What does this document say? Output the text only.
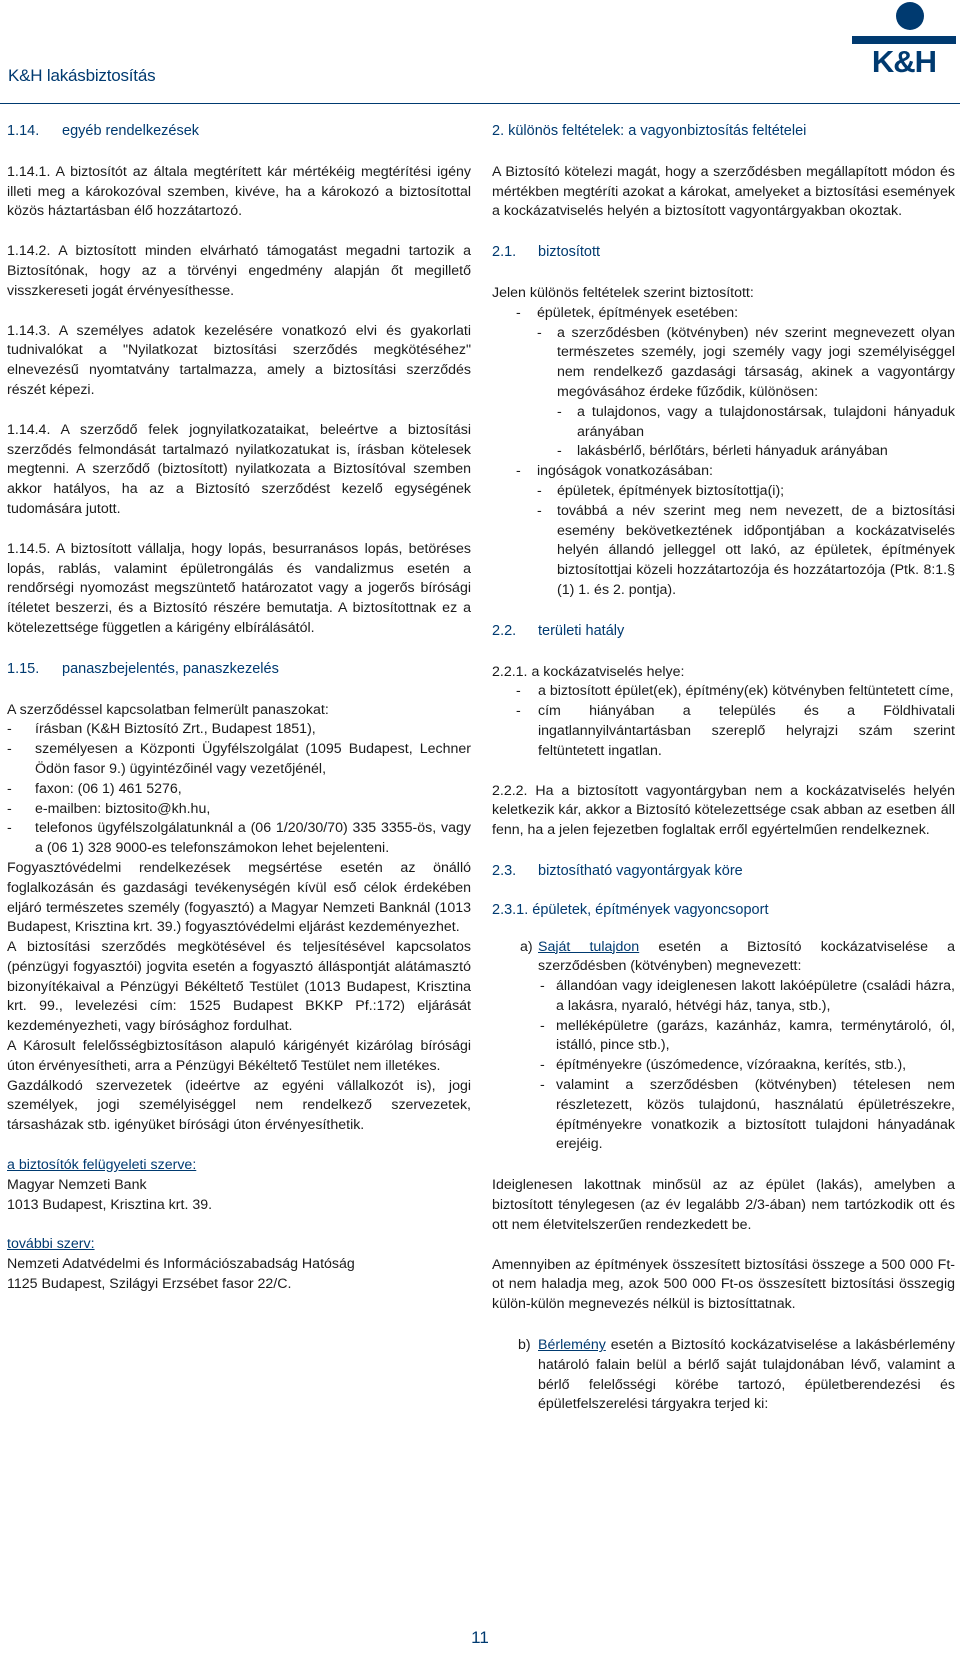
K&H lakásbiztosítás	K&H

1.14. egyéb rendelkezések

1.14.1. A biztosítót az általa megtérített kár mértékéig megtérítési igény illeti meg a károkozóval szemben, kivéve, ha a károkozó a biztosítottal közös háztartásban élő hozzátartozó.

1.14.2. A biztosított minden elvárható támogatást megadni tartozik a Biztosítónak, hogy az a törvényi engedmény alapján őt megillető visszkereseti jogát érvényesíthesse.

1.14.3. A személyes adatok kezelésére vonatkozó elvi és gyakorlati tudnivalókat a "Nyilatkozat biztosítási szerződés megkötéséhez" elnevezésű nyomtatvány tartalmazza, amely a biztosítási szerződés részét képezi.

1.14.4. A szerződő felek jognyilatkozataikat, beleértve a biztosítási szerződés felmondását tartalmazó nyilatkozatukat is, írásban kötelesek megtenni. A szerződő (biztosított) nyilatkozata a Biztosítóval szemben akkor hatályos, ha az a Biztosító szerződést kezelő egységének tudomására jutott.

1.14.5. A biztosított vállalja, hogy lopás, besurranásos lopás, betöréses lopás, rablás, valamint épületrongálás és vandalizmus esetén a rendőrségi nyomozást megszüntető határozatot vagy a jogerős bírósági ítéletet beszerzi, és a Biztosító részére bemutatja. A biztosítottnak ez a kötelezettsége független a kárigény elbírálásától.

1.15. panaszbejelentés, panaszkezelés

A szerződéssel kapcsolatban felmerült panaszokat:

-	írásban (K&H Biztosító Zrt., Budapest 1851),
-	személyesen a Központi Ügyfélszolgálat (1095 Budapest, Lechner Ödön fasor 9.) ügyintézőinél vagy vezetőjénél,
-	faxon: (06 1) 461 5276,
-	e-mailben: biztosito@kh.hu,
-	telefonos ügyfélszolgálatunknál a (06 1/20/30/70) 335 3355-ös, vagy a (06 1) 328 9000-es telefonszámokon lehet bejelenteni.

Fogyasztóvédelmi rendelkezések megsértése esetén az önálló foglalkozásán és gazdasági tevékenységén kívül eső célok érdekében eljáró természetes személy (fogyasztó) a Magyar Nemzeti Banknál (1013 Budapest, Krisztina krt. 39.) fogyasztóvédelmi eljárást kezdeményezhet.

A biztosítási szerződés megkötésével és teljesítésével kapcsolatos (pénzügyi fogyasztói) jogvita esetén a fogyasztó álláspontját alátámasztó bizonyítékaival a Pénzügyi Békéltető Testület (1013 Budapest, Krisztina krt. 99., levelezési cím: 1525 Budapest BKKP Pf.:172) eljárását kezdeményezheti, vagy bírósághoz fordulhat.

A Károsult felelősségbiztosításon alapuló kárigényét kizárólag bírósági úton érvényesítheti, arra a Pénzügyi Békéltető Testület nem illetékes.

Gazdálkodó szervezetek (ideértve az egyéni vállalkozót is), jogi személyek, jogi személyiséggel nem rendelkező szervezetek, társasházak stb. igényüket bírósági úton érvényesíthetik.

a biztosítók felügyeleti szerve:

Magyar Nemzeti Bank

1013 Budapest, Krisztina krt. 39.

további szerv:

Nemzeti Adatvédelmi és Információszabadság Hatóság

1125 Budapest, Szilágyi Erzsébet fasor 22/C.

2. különös feltételek: a vagyonbiztosítás feltételei

A Biztosító kötelezi magát, hogy a szerződésben megállapított módon és mértékben megtéríti azokat a károkat, amelyeket a biztosítási események a kockázatviselés helyén a biztosított vagyontárgyakban okoztak.

2.1. biztosított

Jelen különös feltételek szerint biztosított:

-	épületek, építmények esetében:
-	a szerződésben (kötvényben) név szerint megnevezett olyan természetes személy, jogi személy vagy jogi személyiséggel nem rendelkező gazdasági társaság, akinek a vagyontárgy megóvásához érdeke fűződik, különösen:
-	a tulajdonos, vagy a tulajdonostársak, tulajdoni hányaduk arányában
-	lakásbérlő, bérlőtárs, bérleti hányaduk arányában
-	ingóságok vonatkozásában:
-	épületek, építmények biztosítottja(i);
-	továbbá a név szerint meg nem nevezett, de a biztosítási esemény bekövetkeztének időpontjában a kockázatviselés helyén állandó jelleggel ott lakó, az épületek, építmények biztosítottjai közeli hozzátartozója és hozzátartozója (Ptk. 8:1.§ (1) 1. és 2. pontja).

2.2. területi hatály

2.2.1. a kockázatviselés helye:

-	a biztosított épület(ek), építmény(ek) kötvényben feltüntetett címe,
-	cím hiányában a település és a Földhivatali ingatlannyilvántartásban szereplő helyrajzi szám szerint feltüntetett ingatlan.

2.2.2. Ha a biztosított vagyontárgyban nem a kockázatviselés helyén keletkezik kár, akkor a Biztosító kötelezettsége csak abban az esetben áll fenn, ha a jelen fejezetben foglaltak erről egyértelműen rendelkeznek.

2.3. biztosítható vagyontárgyak köre

2.3.1. épületek, építmények vagyoncsoport

a) Saját tulajdon esetén a Biztosító kockázatviselése a szerződésben (kötvényben) megnevezett:
- állandóan vagy ideiglenesen lakott lakóépületre (családi házra, a lakásra, nyaraló, hétvégi ház, tanya, stb.),
- melléképületre (garázs, kazánház, kamra, terménytároló, ól, istálló, pince stb.),
- építményekre (úszómedence, vízóraakna, kerítés, stb.),
- valamint a szerződésben (kötvényben) tételesen nem részletezett, közös tulajdonú, használatú épületrészekre, építményekre vonatkozik a biztosított tulajdoni hányadának erejéig.

Ideiglenesen lakottnak minősül az az épület (lakás), amelyben a biztosított ténylegesen (az év legalább 2/3-ában) nem tartózkodik ott és ott nem életvitelszerűen rendezkedett be.

Amennyiben az építmények összesített biztosítási összege a 500 000 Ft-ot nem haladja meg, azok 500 000 Ft-os összesített biztosítási összegig külön-külön megnevezés nélkül is biztosíttatnak.

b) Bérlemény esetén a Biztosító kockázatviselése a lakásbérlemény határoló falain belül a bérlő saját tulajdonában lévő, valamint a bérlő felelősségi körébe tartozó, épületberendezési és épületfelszerelési tárgyakra terjed ki:
11
